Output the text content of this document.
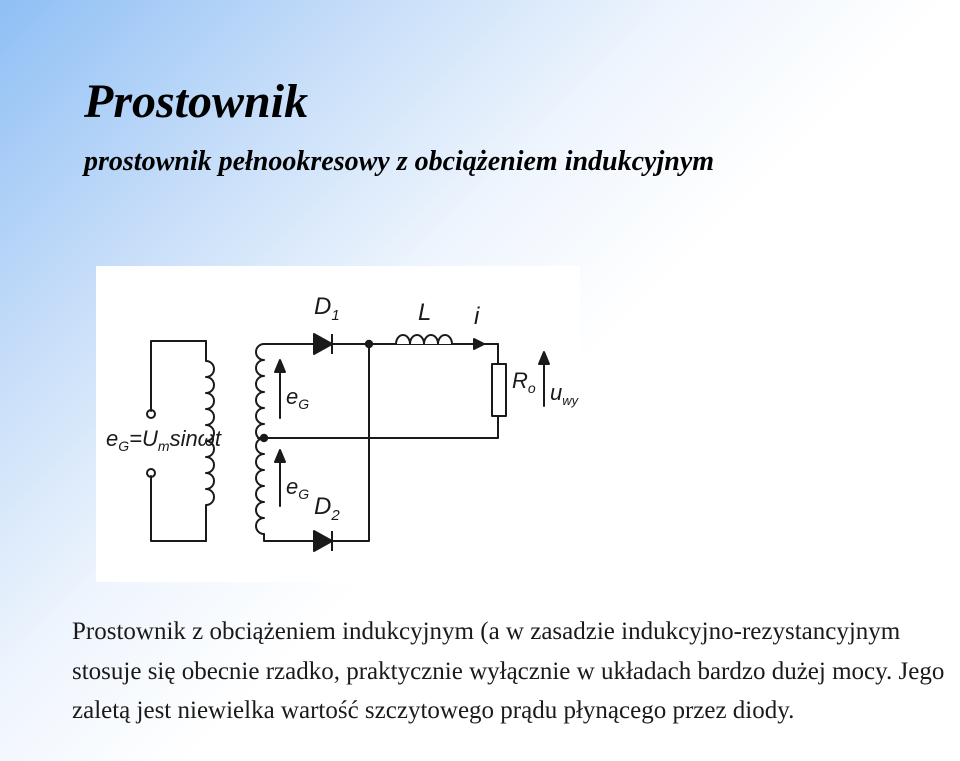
Prostownik
prostownik pełnookresowy z obciążeniem indukcyjnym
$e_G=U_m\sin\omega t$
$e_G$
$e_G$
$D_1$
$D_2$
L i
$R_o$ $u_{wy}$

Prostownik z obciążeniem indukcyjnym (a w zasadzie indukcyjno-rezystancyjnym stosuje się obecnie rzadko, praktycznie wyłącznie w układach bardzo dużej mocy. Jego zaletą jest niewielka wartość szczytowego prądu płynącego przez diody.
